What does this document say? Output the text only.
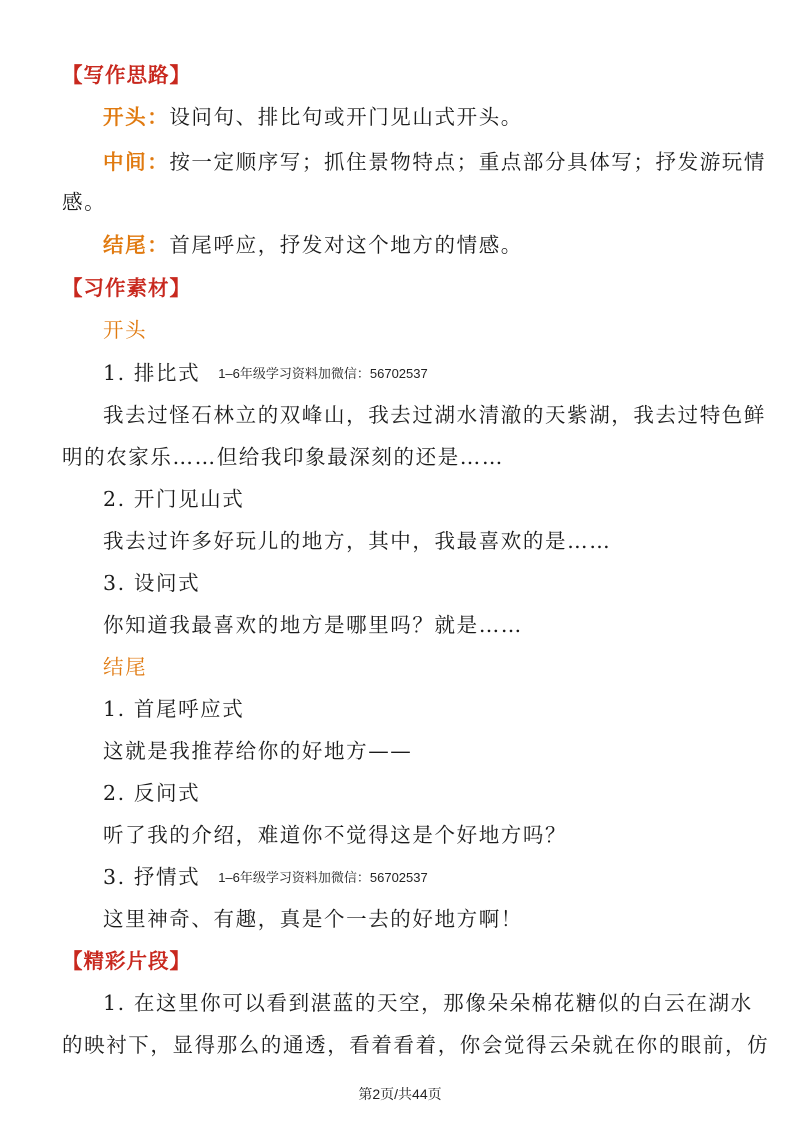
【写作思路】
开头：设问句、排比句或开门见山式开头。
中间：按一定顺序写；抓住景物特点；重点部分具体写；抒发游玩情
感。
结尾：首尾呼应，抒发对这个地方的情感。
【习作素材】
开头
1. 排比式 1–6年级学习资料加微信：56702537
我去过怪石林立的双峰山，我去过湖水清澈的天紫湖，我去过特色鲜
明的农家乐……但给我印象最深刻的还是……
2. 开门见山式
我去过许多好玩儿的地方，其中，我最喜欢的是……
3. 设问式
你知道我最喜欢的地方是哪里吗？就是……
结尾
1. 首尾呼应式
这就是我推荐给你的好地方——
2. 反问式
听了我的介绍，难道你不觉得这是个好地方吗？
3. 抒情式 1–6年级学习资料加微信：56702537
这里神奇、有趣，真是个一去的好地方啊！
【精彩片段】
1. 在这里你可以看到湛蓝的天空，那像朵朵棉花糖似的白云在湖水
的映衬下，显得那么的通透，看着看着，你会觉得云朵就在你的眼前，仿
第2页/共44页
